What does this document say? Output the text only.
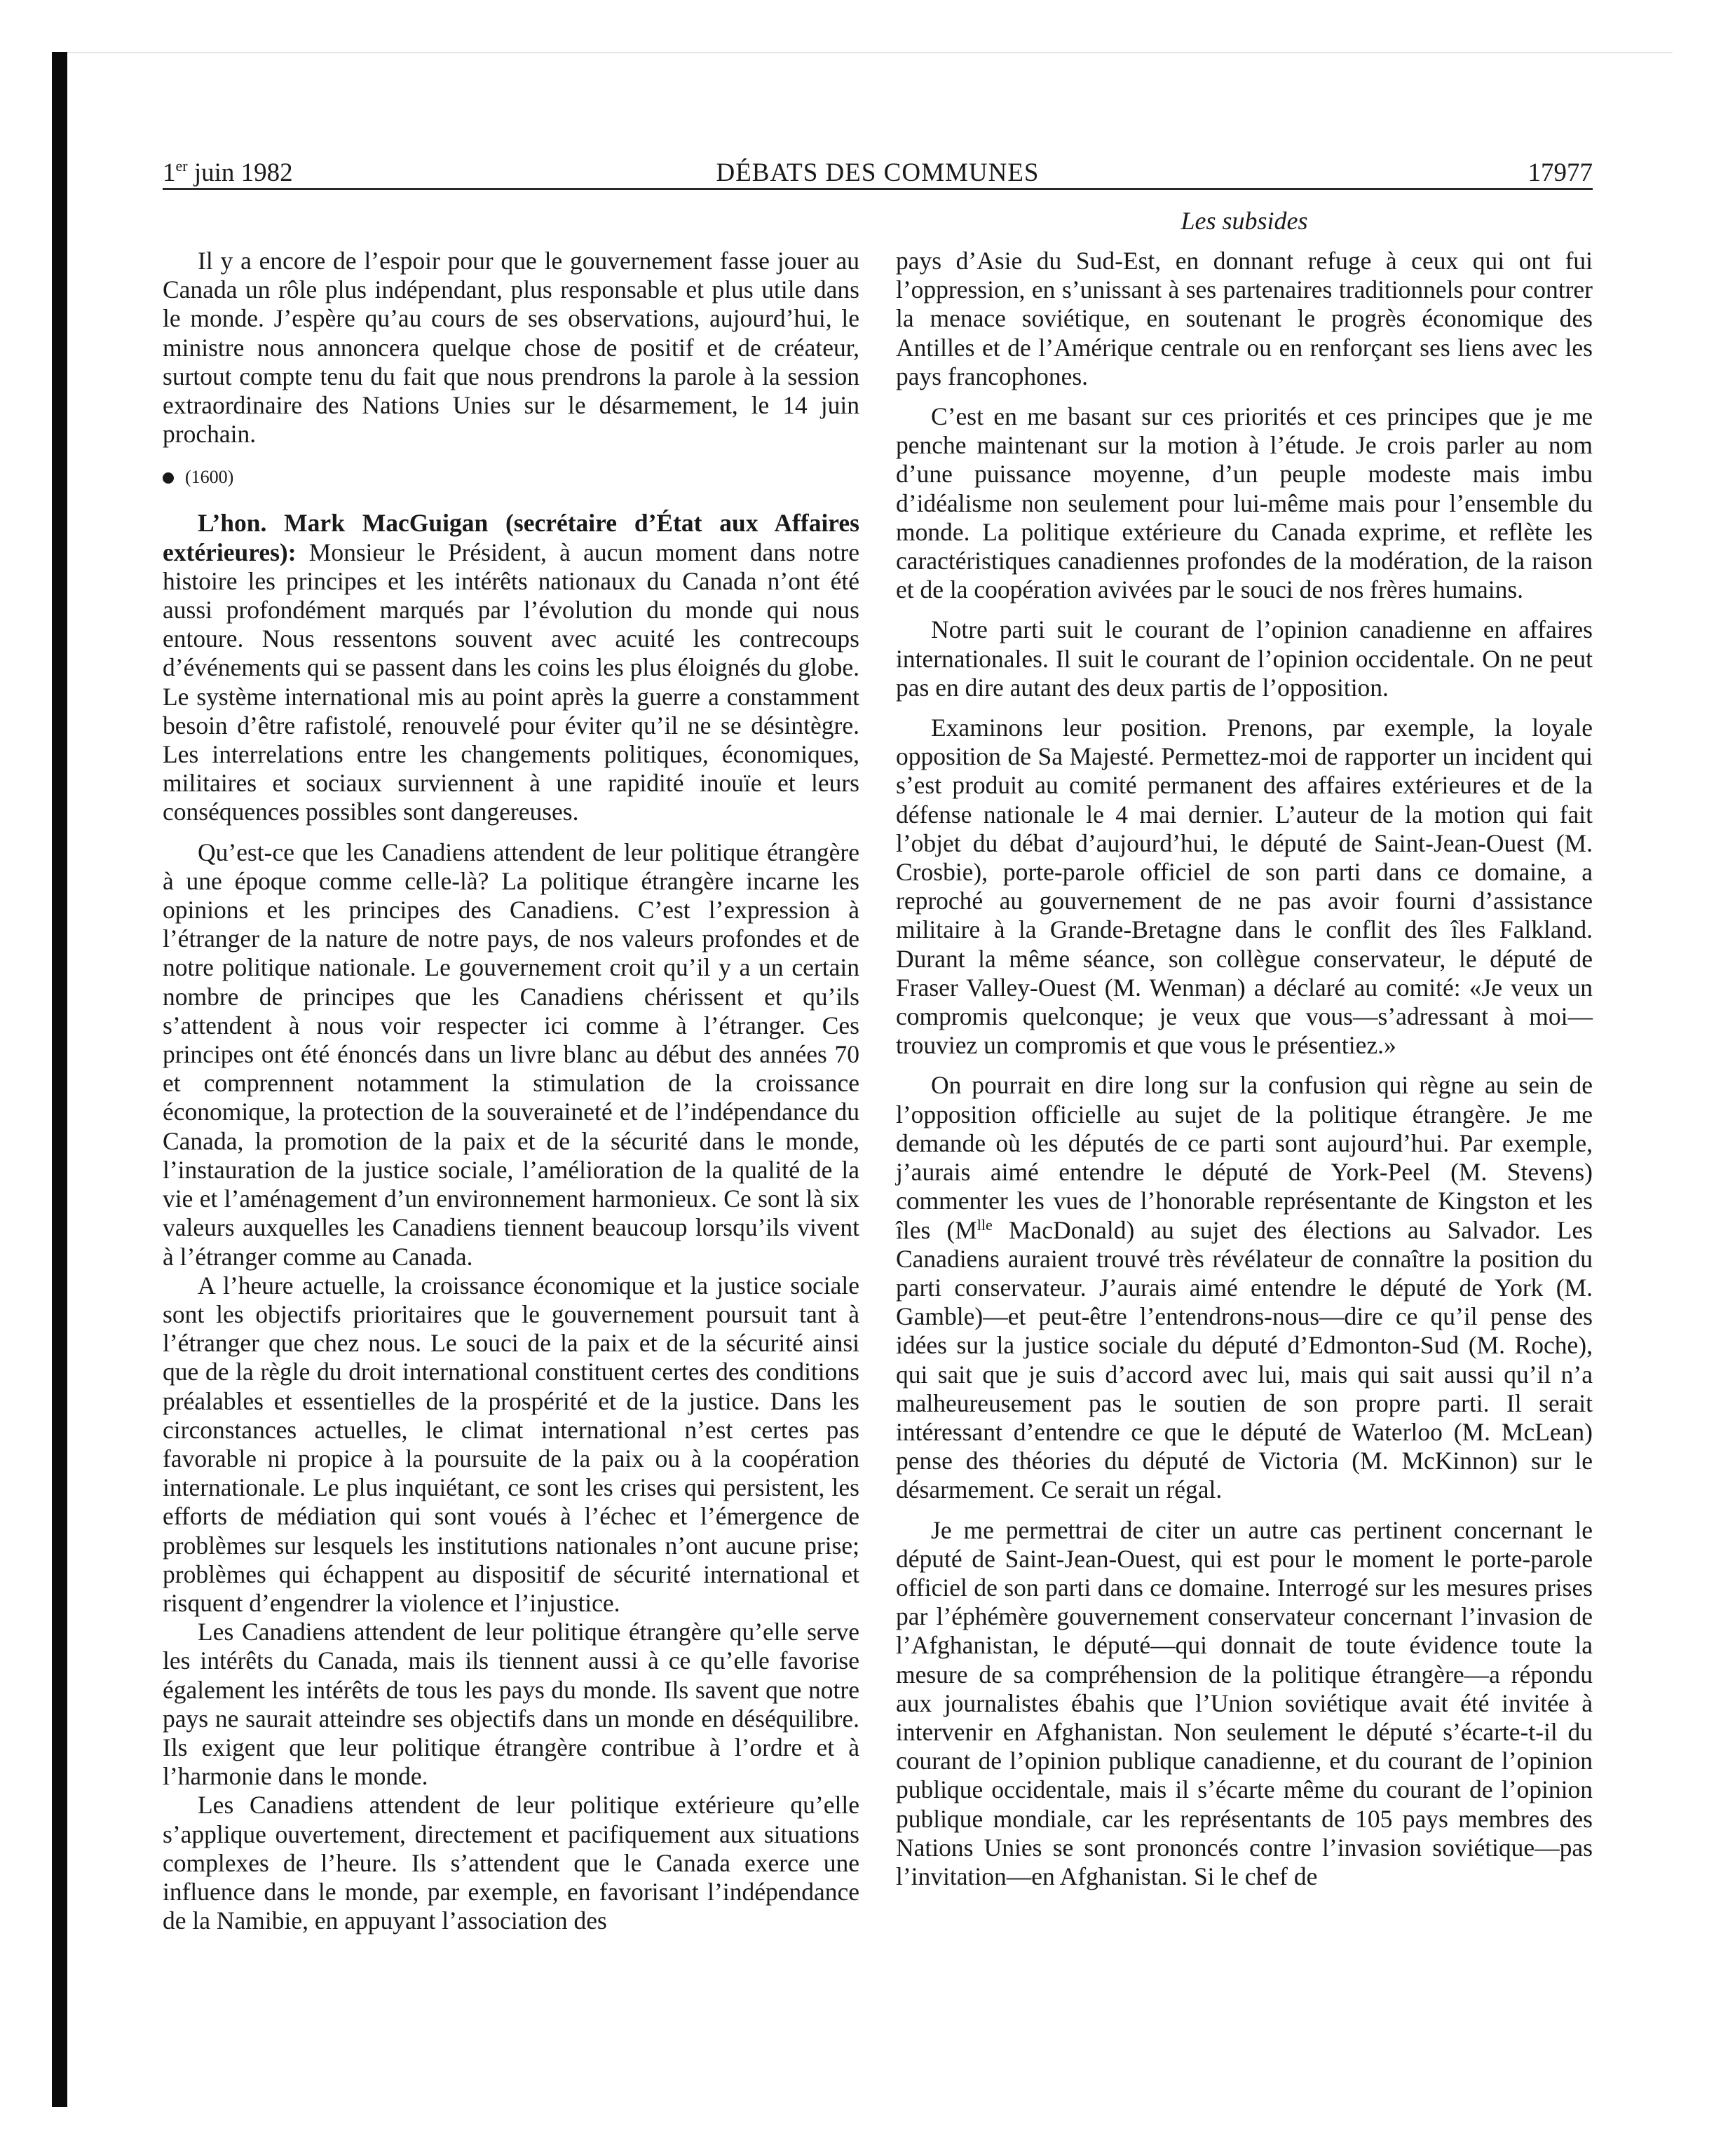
1er juin 1982	DÉBATS DES COMMUNES	17977
Les subsides

Il y a encore de l’espoir pour que le gouvernement fasse jouer au Canada un rôle plus indépendant, plus responsable et plus utile dans le monde. J’espère qu’au cours de ses observations, aujourd’hui, le ministre nous annoncera quelque chose de positif et de créateur, surtout compte tenu du fait que nous prendrons la parole à la session extraordinaire des Nations Unies sur le désarmement, le 14 juin prochain.

(1600)

L’hon. Mark MacGuigan (secrétaire d’État aux Affaires extérieures): Monsieur le Président, à aucun moment dans notre histoire les principes et les intérêts nationaux du Canada n’ont été aussi profondément marqués par l’évolution du monde qui nous entoure. Nous ressentons souvent avec acuité les contrecoups d’événements qui se passent dans les coins les plus éloignés du globe. Le système international mis au point après la guerre a constamment besoin d’être rafistolé, renouvelé pour éviter qu’il ne se désintègre. Les interrelations entre les changements politiques, économiques, militaires et sociaux surviennent à une rapidité inouïe et leurs conséquences possibles sont dangereuses.

Qu’est-ce que les Canadiens attendent de leur politique étrangère à une époque comme celle-là? La politique étrangère incarne les opinions et les principes des Canadiens. C’est l’expression à l’étranger de la nature de notre pays, de nos valeurs profondes et de notre politique nationale. Le gouvernement croit qu’il y a un certain nombre de principes que les Canadiens chérissent et qu’ils s’attendent à nous voir respecter ici comme à l’étranger. Ces principes ont été énoncés dans un livre blanc au début des années 70 et comprennent notamment la stimulation de la croissance économique, la protection de la souveraineté et de l’indépendance du Canada, la promotion de la paix et de la sécurité dans le monde, l’instauration de la justice sociale, l’amélioration de la qualité de la vie et l’aménagement d’un environnement harmonieux. Ce sont là six valeurs auxquelles les Canadiens tiennent beaucoup lorsqu’ils vivent à l’étranger comme au Canada.

A l’heure actuelle, la croissance économique et la justice sociale sont les objectifs prioritaires que le gouvernement poursuit tant à l’étranger que chez nous. Le souci de la paix et de la sécurité ainsi que de la règle du droit international constituent certes des conditions préalables et essentielles de la prospérité et de la justice. Dans les circonstances actuelles, le climat international n’est certes pas favorable ni propice à la poursuite de la paix ou à la coopération internationale. Le plus inquiétant, ce sont les crises qui persistent, les efforts de médiation qui sont voués à l’échec et l’émergence de problèmes sur lesquels les institutions nationales n’ont aucune prise; problèmes qui échappent au dispositif de sécurité international et risquent d’engendrer la violence et l’injustice.

Les Canadiens attendent de leur politique étrangère qu’elle serve les intérêts du Canada, mais ils tiennent aussi à ce qu’elle favorise également les intérêts de tous les pays du monde. Ils savent que notre pays ne saurait atteindre ses objectifs dans un monde en déséquilibre. Ils exigent que leur politique étrangère contribue à l’ordre et à l’harmonie dans le monde.

Les Canadiens attendent de leur politique extérieure qu’elle s’applique ouvertement, directement et pacifiquement aux situations complexes de l’heure. Ils s’attendent que le Canada exerce une influence dans le monde, par exemple, en favorisant l’indépendance de la Namibie, en appuyant l’association des

pays d’Asie du Sud-Est, en donnant refuge à ceux qui ont fui l’oppression, en s’unissant à ses partenaires traditionnels pour contrer la menace soviétique, en soutenant le progrès économique des Antilles et de l’Amérique centrale ou en renforçant ses liens avec les pays francophones.

C’est en me basant sur ces priorités et ces principes que je me penche maintenant sur la motion à l’étude. Je crois parler au nom d’une puissance moyenne, d’un peuple modeste mais imbu d’idéalisme non seulement pour lui-même mais pour l’ensemble du monde. La politique extérieure du Canada exprime, et reflète les caractéristiques canadiennes profondes de la modération, de la raison et de la coopération avivées par le souci de nos frères humains.

Notre parti suit le courant de l’opinion canadienne en affaires internationales. Il suit le courant de l’opinion occidentale. On ne peut pas en dire autant des deux partis de l’opposition.

Examinons leur position. Prenons, par exemple, la loyale opposition de Sa Majesté. Permettez-moi de rapporter un incident qui s’est produit au comité permanent des affaires extérieures et de la défense nationale le 4 mai dernier. L’auteur de la motion qui fait l’objet du débat d’aujourd’hui, le député de Saint-Jean-Ouest (M. Crosbie), porte-parole officiel de son parti dans ce domaine, a reproché au gouvernement de ne pas avoir fourni d’assistance militaire à la Grande-Bretagne dans le conflit des îles Falkland. Durant la même séance, son collègue conservateur, le député de Fraser Valley-Ouest (M. Wenman) a déclaré au comité: «Je veux un compromis quelconque; je veux que vous—s’adressant à moi—trouviez un compromis et que vous le présentiez.»

On pourrait en dire long sur la confusion qui règne au sein de l’opposition officielle au sujet de la politique étrangère. Je me demande où les députés de ce parti sont aujourd’hui. Par exemple, j’aurais aimé entendre le député de York-Peel (M. Stevens) commenter les vues de l’honorable représentante de Kingston et les îles ($M^{lle}$ MacDonald) au sujet des élections au Salvador. Les Canadiens auraient trouvé très révélateur de connaître la position du parti conservateur. J’aurais aimé entendre le député de York (M. Gamble)—et peut-être l’entendrons-nous—dire ce qu’il pense des idées sur la justice sociale du député d’Edmonton-Sud (M. Roche), qui sait que je suis d’accord avec lui, mais qui sait aussi qu’il n’a malheureusement pas le soutien de son propre parti. Il serait intéressant d’entendre ce que le député de Waterloo (M. McLean) pense des théories du député de Victoria (M. McKinnon) sur le désarmement. Ce serait un régal.

Je me permettrai de citer un autre cas pertinent concernant le député de Saint-Jean-Ouest, qui est pour le moment le porte-parole officiel de son parti dans ce domaine. Interrogé sur les mesures prises par l’éphémère gouvernement conservateur concernant l’invasion de l’Afghanistan, le député—qui donnait de toute évidence toute la mesure de sa compréhension de la politique étrangère—a répondu aux journalistes ébahis que l’Union soviétique avait été invitée à intervenir en Afghanistan. Non seulement le député s’écarte-t-il du courant de l’opinion publique canadienne, et du courant de l’opinion publique occidentale, mais il s’écarte même du courant de l’opinion publique mondiale, car les représentants de 105 pays membres des Nations Unies se sont prononcés contre l’invasion soviétique—pas l’invitation—en Afghanistan. Si le chef de
